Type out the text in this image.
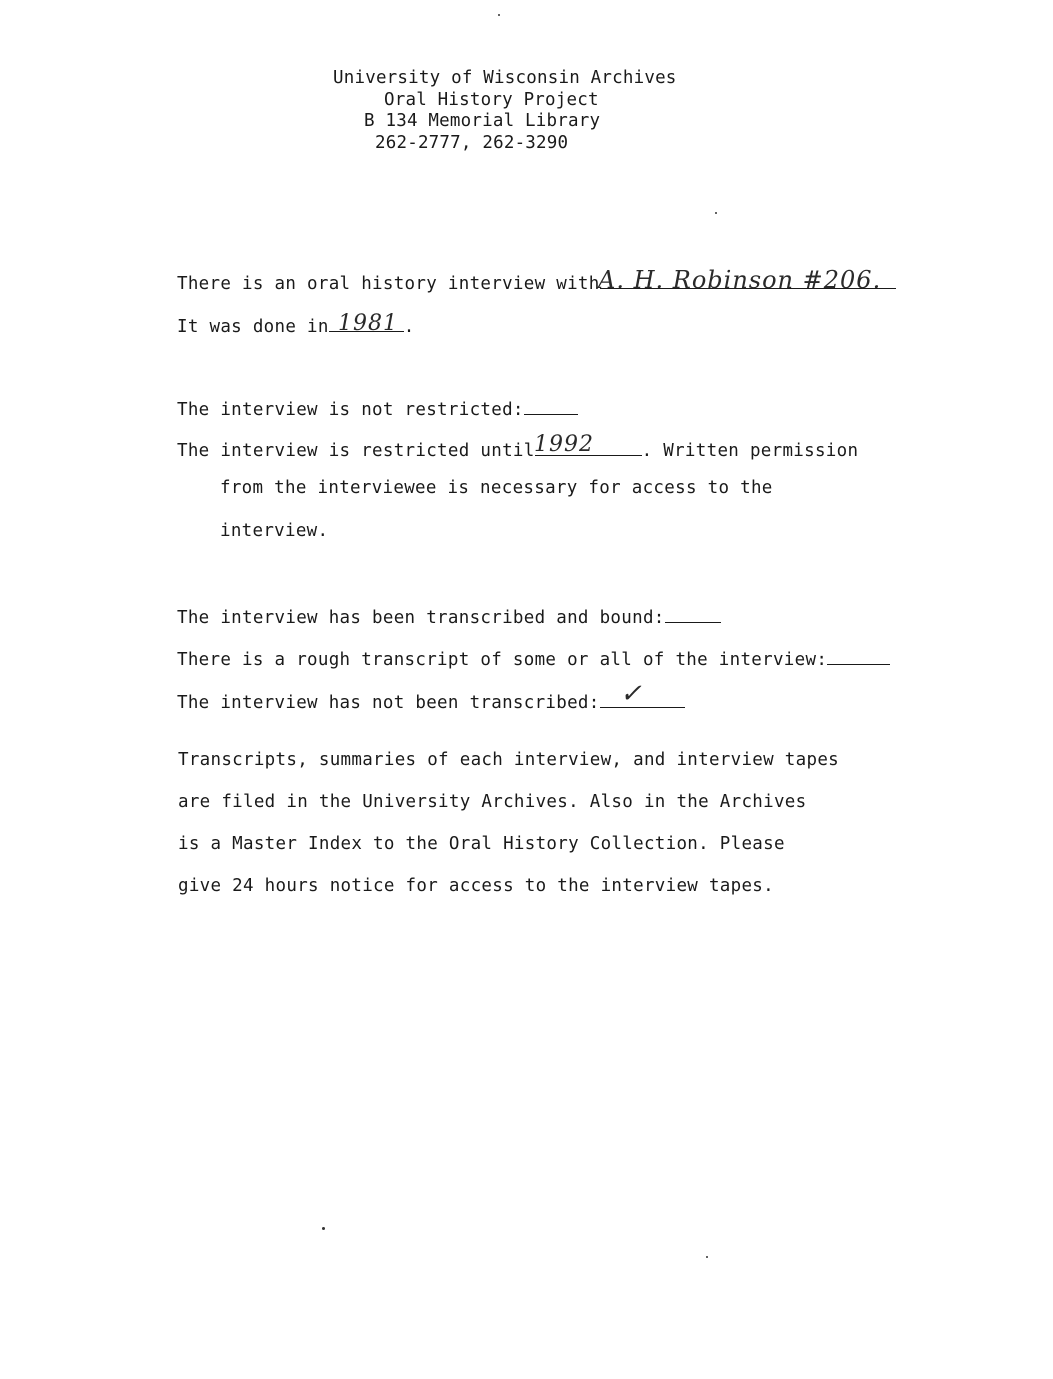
University of Wisconsin Archives
Oral History Project
B 134 Memorial Library
262-2777, 262-3290
There is an oral history interview with
A. H. Robinson #206.
It was done in	.
1981
The interview is not restricted:
The interview is restricted until	. Written permission
1992
from the interviewee is necessary for access to the
interview.
The interview has been transcribed and bound:
There is a rough transcript of some or all of the interview:
The interview has not been transcribed: ✓
Transcripts, summaries of each interview, and interview tapes
are filed in the University Archives. Also in the Archives
is a Master Index to the Oral History Collection. Please
give 24 hours notice for access to the interview tapes.
